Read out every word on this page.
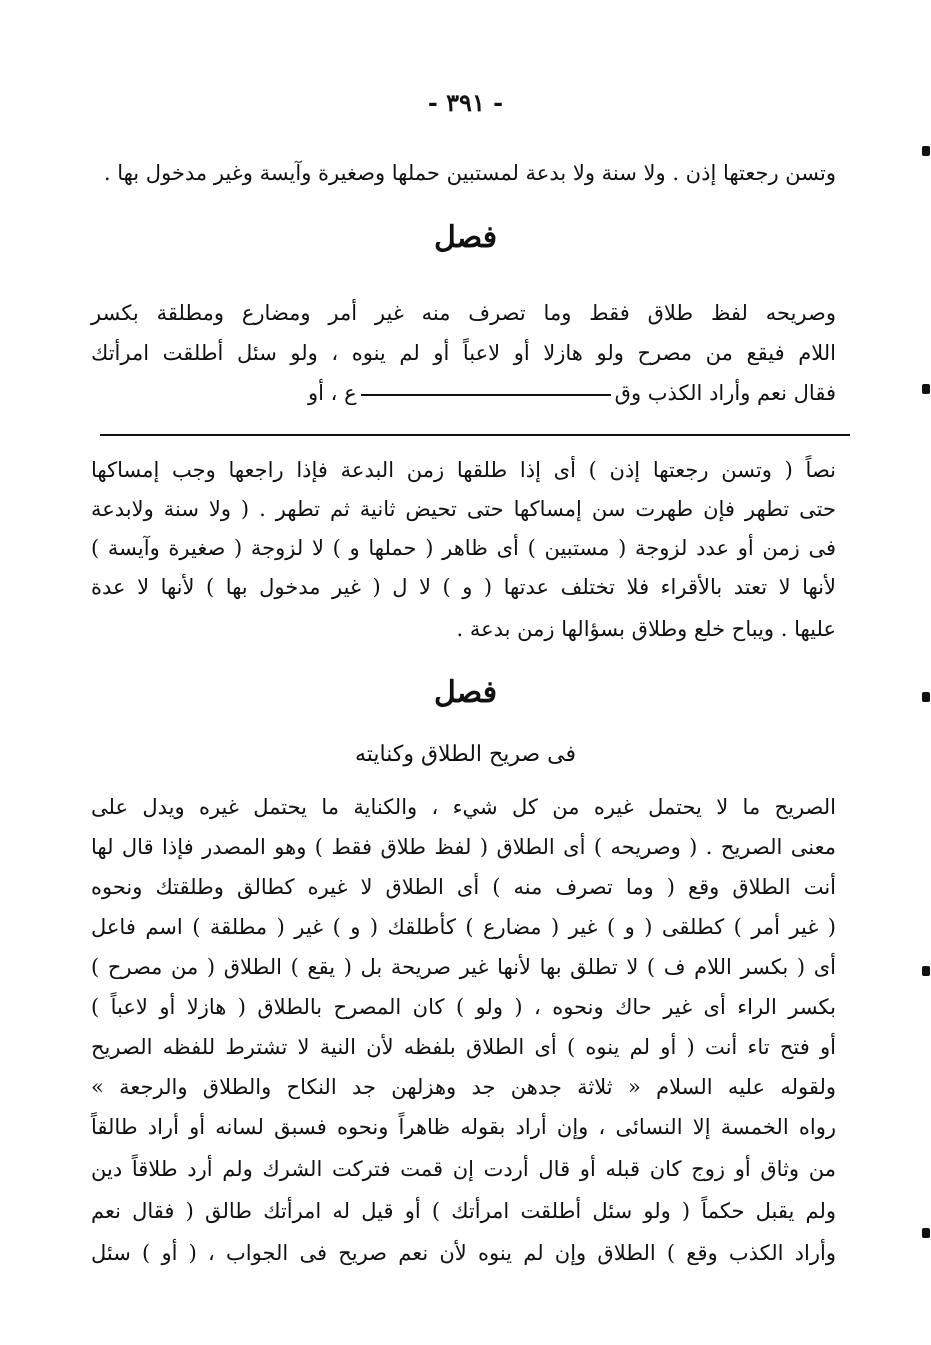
- ٣٩١ -
وتسن رجعتها إذن . ولا سنة ولا بدعة لمستبين حملها وصغيرة وآيسة وغير مدخول بها .
فصل
وصريحه لفظ طلاق فقط وما تصرف منه غير أمر ومضارع ومطلقة بكسر
اللام فيقع من مصرح ولو هازلا أو لاعباً أو لم ينوه ، ولو سئل أطلقت امرأتك
فقال نعم وأراد الكذب وقع ، أو
نصاً ( وتسن رجعتها إذن ) أى إذا طلقها زمن البدعة فإذا راجعها وجب إمساكها
حتى تطهر فإن طهرت سن إمساكها حتى تحيض ثانية ثم تطهر . ( ولا سنة ولابدعة
فى زمن أو عدد لزوجة ( مستبين ) أى ظاهر ( حملها و ) لا لزوجة ( صغيرة وآيسة )
لأنها لا تعتد بالأقراء فلا تختلف عدتها ( و ) لا ل ( غير مدخول بها ) لأنها لا عدة
عليها . ويباح خلع وطلاق بسؤالها زمن بدعة .
فصل
فى صريح الطلاق وكنايته
الصريح ما لا يحتمل غيره من كل شيء ، والكناية ما يحتمل غيره ويدل على
معنى الصريح . ( وصريحه ) أى الطلاق ( لفظ طلاق فقط ) وهو المصدر فإذا قال لها
أنت الطلاق وقع ( وما تصرف منه ) أى الطلاق لا غيره كطالق وطلقتك ونحوه
( غير أمر ) كطلقى ( و ) غير ( مضارع ) كأطلقك ( و ) غير ( مطلقة ) اسم فاعل
أى ( بكسر اللام ف ) لا تطلق بها لأنها غير صريحة بل ( يقع ) الطلاق ( من مصرح )
بكسر الراء أى غير حاك ونحوه ، ( ولو ) كان المصرح بالطلاق ( هازلا أو لاعباً )
أو فتح تاء أنت ( أو لم ينوه ) أى الطلاق بلفظه لأن النية لا تشترط للفظه الصريح
ولقوله عليه السلام « ثلاثة جدهن جد وهزلهن جد النكاح والطلاق والرجعة »
رواه الخمسة إلا النسائى ، وإن أراد بقوله ظاهراً ونحوه فسبق لسانه أو أراد طالقاً
من وثاق أو زوج كان قبله أو قال أردت إن قمت فتركت الشرك ولم أرد طلاقاً دين
ولم يقبل حكماً ( ولو سئل أطلقت امرأتك ) أو قيل له امرأتك طالق ( فقال نعم
وأراد الكذب وقع ) الطلاق وإن لم ينوه لأن نعم صريح فى الجواب ، ( أو ) سئل
